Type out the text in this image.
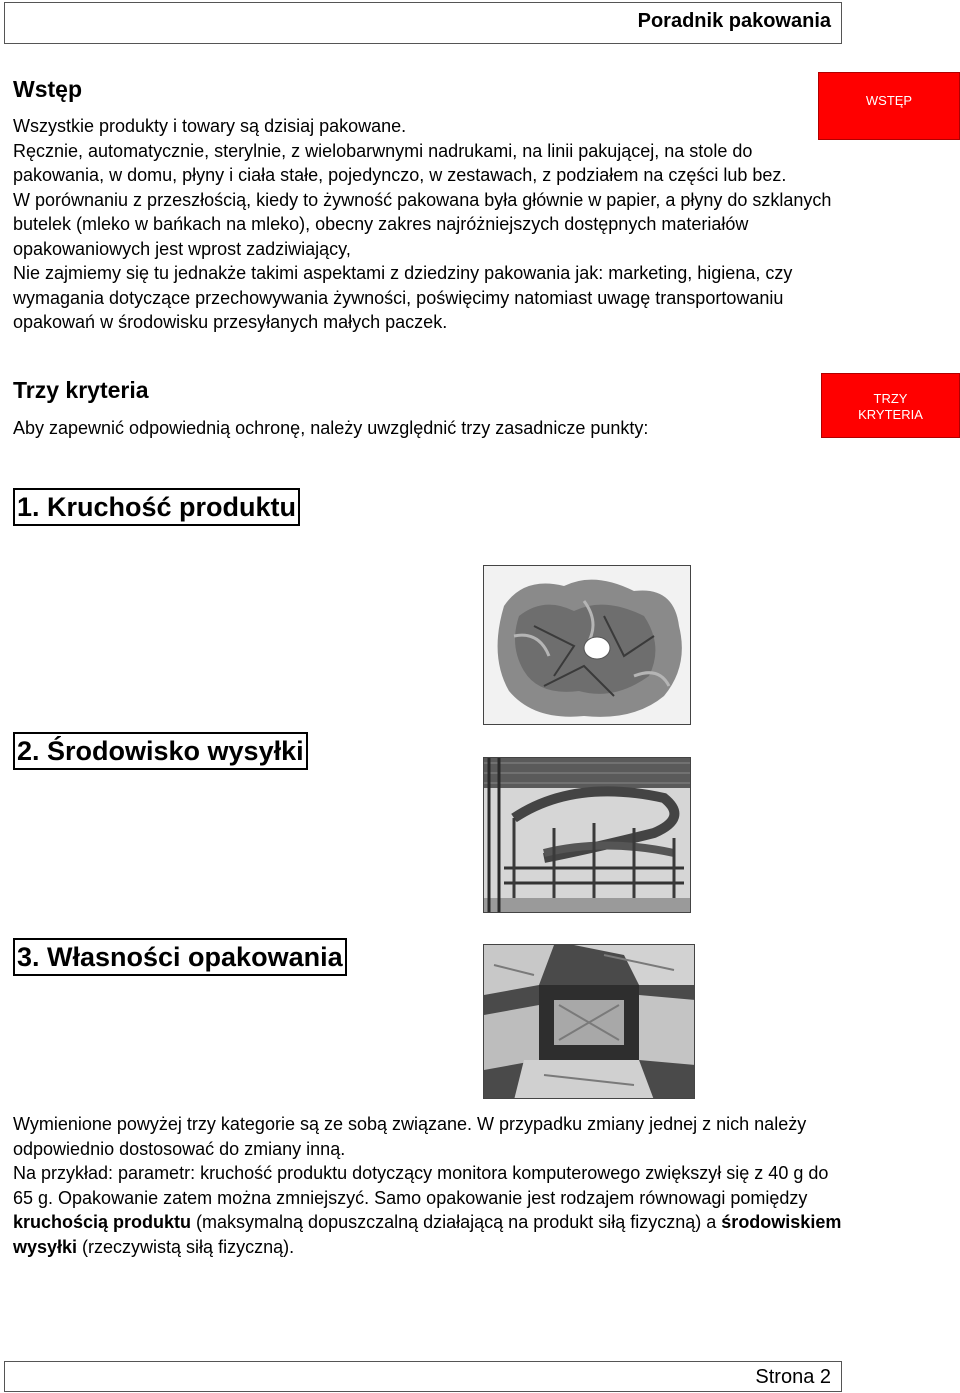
Poradnik pakowania
WSTĘP
TRZY
KRYTERIA
Wstęp

Wszystkie produkty i towary są dzisiaj pakowane.
Ręcznie, automatycznie, sterylnie, z wielobarwnymi nadrukami, na linii pakującej, na stole do pakowania, w domu, płyny i ciała stałe, pojedynczo, w zestawach, z podziałem na części lub bez.

W porównaniu z przeszłością, kiedy to żywność pakowana była głównie w papier, a płyny do szklanych butelek (mleko w bańkach na mleko), obecny zakres najróżniejszych dostępnych materiałów opakowaniowych jest wprost zadziwiający,

Nie zajmiemy się tu jednakże takimi aspektami z dziedziny pakowania jak: marketing, higiena, czy wymagania dotyczące przechowywania żywności, poświęcimy natomiast uwagę transportowaniu opakowań w środowisku przesyłanych małych paczek.

Trzy kryteria

Aby zapewnić odpowiednią ochronę, należy uwzględnić trzy zasadnicze punkty:

1. Kruchość produktu
2. Środowisko wysyłki
3. Własności opakowania

Wymienione powyżej trzy kategorie są ze sobą związane. W przypadku zmiany jednej z nich należy odpowiednio dostosować do zmiany inną.

Na przykład: parametr: kruchość produktu dotyczący monitora komputerowego zwiększył się z 40 g do 65 g. Opakowanie zatem można zmniejszyć. Samo opakowanie jest rodzajem równowagi pomiędzy kruchością produktu (maksymalną dopuszczalną działającą na produkt siłą fizyczną) a środowiskiem wysyłki (rzeczywistą siłą fizyczną).

Strona 2
